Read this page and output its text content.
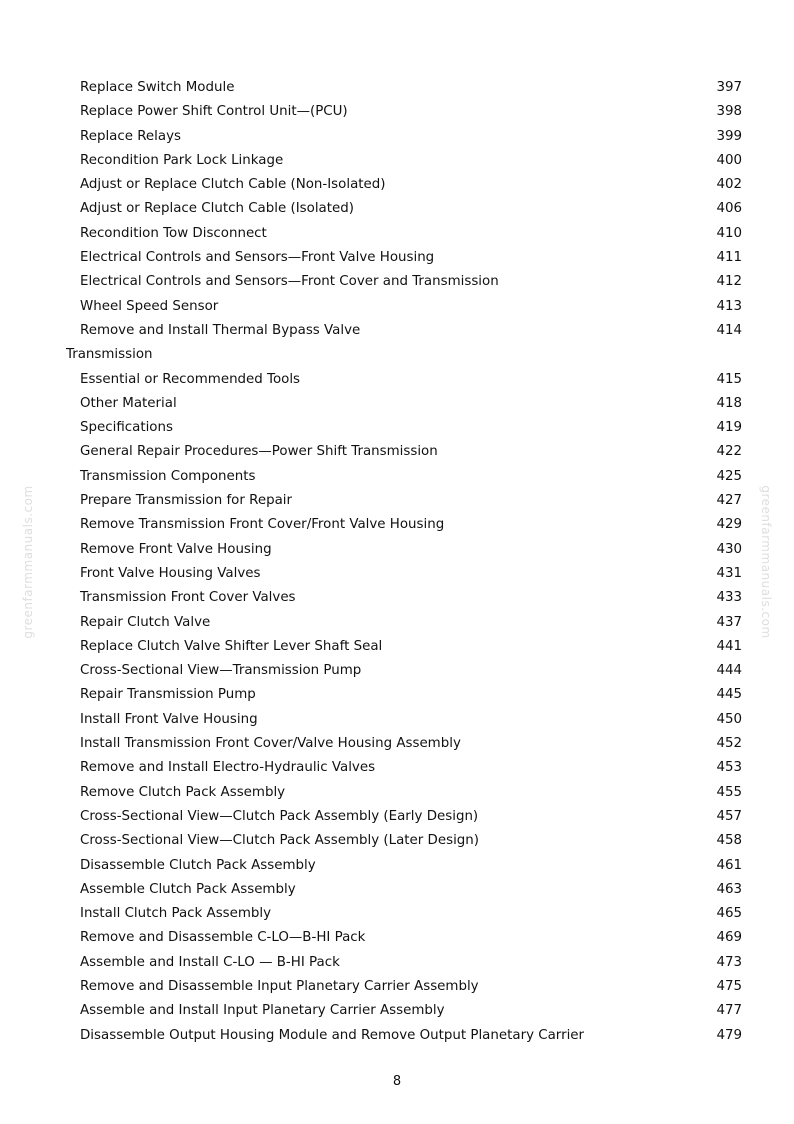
greenfarmmanuals.com	greenfarmmanuals.com
Replace Switch Module	397
Replace Power Shift Control Unit—(PCU)	398
Replace Relays	399
Recondition Park Lock Linkage	400
Adjust or Replace Clutch Cable (Non-Isolated)	402
Adjust or Replace Clutch Cable (Isolated)	406
Recondition Tow Disconnect	410
Electrical Controls and Sensors—Front Valve Housing	411
Electrical Controls and Sensors—Front Cover and Transmission	412
Wheel Speed Sensor	413
Remove and Install Thermal Bypass Valve	414
Transmission
Essential or Recommended Tools	415
Other Material	418
Specifications	419
General Repair Procedures—Power Shift Transmission	422
Transmission Components	425
Prepare Transmission for Repair	427
Remove Transmission Front Cover/Front Valve Housing	429
Remove Front Valve Housing	430
Front Valve Housing Valves	431
Transmission Front Cover Valves	433
Repair Clutch Valve	437
Replace Clutch Valve Shifter Lever Shaft Seal	441
Cross-Sectional View—Transmission Pump	444
Repair Transmission Pump	445
Install Front Valve Housing	450
Install Transmission Front Cover/Valve Housing Assembly	452
Remove and Install Electro-Hydraulic Valves	453
Remove Clutch Pack Assembly	455
Cross-Sectional View—Clutch Pack Assembly (Early Design)	457
Cross-Sectional View—Clutch Pack Assembly (Later Design)	458
Disassemble Clutch Pack Assembly	461
Assemble Clutch Pack Assembly	463
Install Clutch Pack Assembly	465
Remove and Disassemble C-LO—B-HI Pack	469
Assemble and Install C-LO — B-HI Pack	473
Remove and Disassemble Input Planetary Carrier Assembly	475
Assemble and Install Input Planetary Carrier Assembly	477
Disassemble Output Housing Module and Remove Output Planetary Carrier	479
8
